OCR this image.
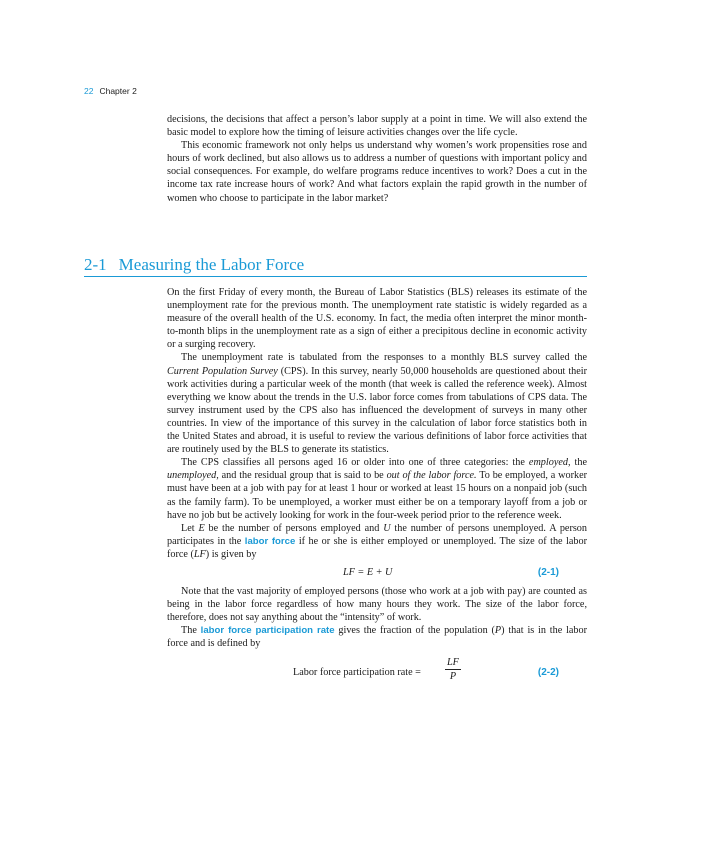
22 Chapter 2

decisions, the decisions that affect a person’s labor supply at a point in time. We will also extend the basic model to explore how the timing of leisure activities changes over the life cycle.

This economic framework not only helps us understand why women’s work propensities rose and hours of work declined, but also allows us to address a number of questions with important policy and social consequences. For example, do welfare programs reduce incentives to work? Does a cut in the income tax rate increase hours of work? And what factors explain the rapid growth in the number of women who choose to participate in the labor market?

2-1 Measuring the Labor Force

On the first Friday of every month, the Bureau of Labor Statistics (BLS) releases its estimate of the unemployment rate for the previous month. The unemployment rate statistic is widely regarded as a measure of the overall health of the U.S. economy. In fact, the media often interpret the minor month-to-month blips in the unemployment rate as a sign of either a precipitous decline in economic activity or a surging recovery.

The unemployment rate is tabulated from the responses to a monthly BLS survey called the Current Population Survey (CPS). In this survey, nearly 50,000 households are questioned about their work activities during a particular week of the month (that week is called the reference week). Almost everything we know about the trends in the U.S. labor force comes from tabulations of CPS data. The survey instrument used by the CPS also has influenced the development of surveys in many other countries. In view of the importance of this survey in the calculation of labor force statistics both in the United States and abroad, it is useful to review the various definitions of labor force activities that are routinely used by the BLS to generate its statistics.

The CPS classifies all persons aged 16 or older into one of three categories: the employed, the unemployed, and the residual group that is said to be out of the labor force. To be employed, a worker must have been at a job with pay for at least 1 hour or worked at least 15 hours on a nonpaid job (such as the family farm). To be unemployed, a worker must either be on a temporary layoff from a job or have no job but be actively looking for work in the four-week period prior to the reference week.

Let E be the number of persons employed and U the number of persons unemployed. A person participates in the labor force if he or she is either employed or unemployed. The size of the labor force (LF) is given by

LF = E + U	(2-1)

Note that the vast majority of employed persons (those who work at a job with pay) are counted as being in the labor force regardless of how many hours they work. The size of the labor force, therefore, does not say anything about the “intensity” of work.

The labor force participation rate gives the fraction of the population (P) that is in the labor force and is defined by

Labor force participation rate = $\frac{LF}{P}$	(2-2)
